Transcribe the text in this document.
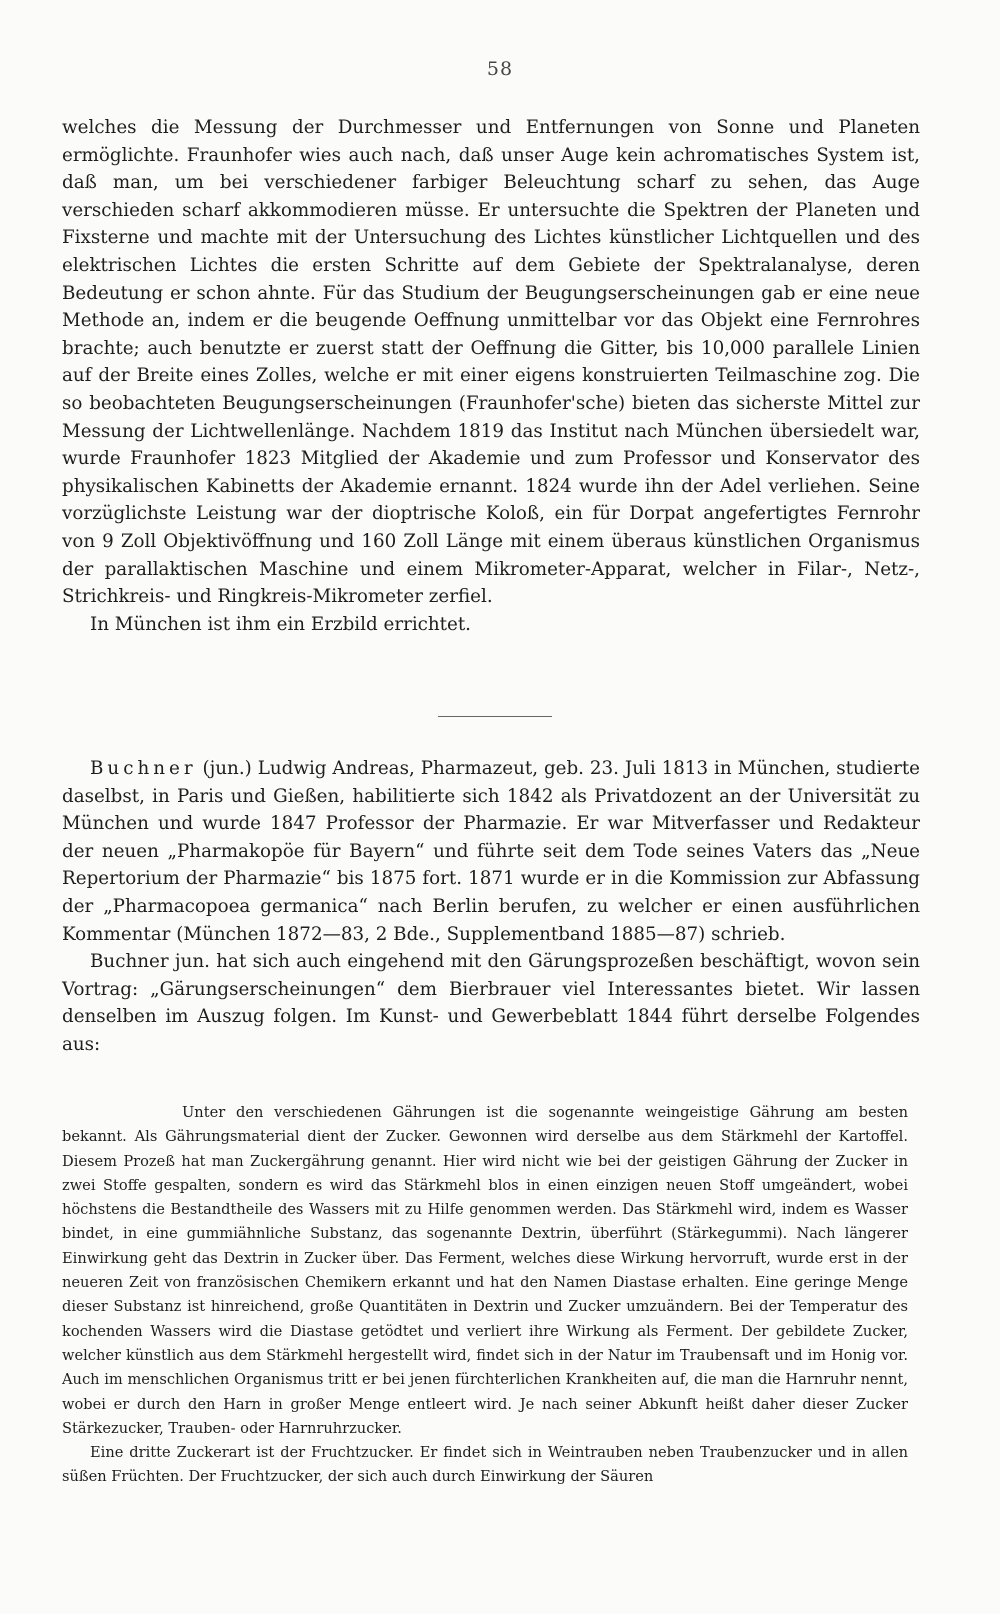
58

welches die Messung der Durchmesser und Entfernungen von Sonne und Planeten ermöglichte. Fraunhofer wies auch nach, daß unser Auge kein achromatisches System ist, daß man, um bei verschiedener farbiger Beleuchtung scharf zu sehen, das Auge verschieden scharf akkommodieren müsse. Er untersuchte die Spektren der Planeten und Fixsterne und machte mit der Untersuchung des Lichtes künstlicher Lichtquellen und des elektrischen Lichtes die ersten Schritte auf dem Gebiete der Spektralanalyse, deren Bedeutung er schon ahnte. Für das Studium der Beugungserscheinungen gab er eine neue Methode an, indem er die beugende Oeffnung unmittelbar vor das Objekt eine Fernrohres brachte; auch benutzte er zuerst statt der Oeffnung die Gitter, bis 10,000 parallele Linien auf der Breite eines Zolles, welche er mit einer eigens konstruierten Teilmaschine zog. Die so beobachteten Beugungserscheinungen (Fraunhofer'sche) bieten das sicherste Mittel zur Messung der Lichtwellenlänge. Nachdem 1819 das Institut nach München übersiedelt war, wurde Fraunhofer 1823 Mitglied der Akademie und zum Professor und Konservator des physikalischen Kabinetts der Akademie ernannt. 1824 wurde ihn der Adel verliehen. Seine vorzüglichste Leistung war der dioptrische Koloß, ein für Dorpat angefertigtes Fernrohr von 9 Zoll Objektivöffnung und 160 Zoll Länge mit einem überaus künstlichen Organismus der parallaktischen Maschine und einem Mikrometer-Apparat, welcher in Filar-, Netz-, Strichkreis- und Ringkreis-Mikrometer zerfiel.

In München ist ihm ein Erzbild errichtet.

Buchner (jun.) Ludwig Andreas, Pharmazeut, geb. 23. Juli 1813 in München, studierte daselbst, in Paris und Gießen, habilitierte sich 1842 als Privatdozent an der Universität zu München und wurde 1847 Professor der Pharmazie. Er war Mitverfasser und Redakteur der neuen „Pharmakopöe für Bayern“ und führte seit dem Tode seines Vaters das „Neue Repertorium der Pharmazie“ bis 1875 fort. 1871 wurde er in die Kommission zur Abfassung der „Pharmacopoea germanica“ nach Berlin berufen, zu welcher er einen ausführlichen Kommentar (München 1872—83, 2 Bde., Supplementband 1885—87) schrieb.

Buchner jun. hat sich auch eingehend mit den Gärungsprozeßen beschäftigt, wovon sein Vortrag: „Gärungserscheinungen“ dem Bierbrauer viel Interessantes bietet. Wir lassen denselben im Auszug folgen. Im Kunst- und Gewerbeblatt 1844 führt derselbe Folgendes aus:

Unter den verschiedenen Gährungen ist die sogenannte weingeistige Gährung am besten bekannt. Als Gährungsmaterial dient der Zucker. Gewonnen wird derselbe aus dem Stärkmehl der Kartoffel. Diesem Prozeß hat man Zuckergährung genannt. Hier wird nicht wie bei der geistigen Gährung der Zucker in zwei Stoffe gespalten, sondern es wird das Stärkmehl blos in einen einzigen neuen Stoff umgeändert, wobei höchstens die Bestandtheile des Wassers mit zu Hilfe genommen werden. Das Stärkmehl wird, indem es Wasser bindet, in eine gummiähnliche Substanz, das sogenannte Dextrin, überführt (Stärkegummi). Nach längerer Einwirkung geht das Dextrin in Zucker über. Das Ferment, welches diese Wirkung hervorruft, wurde erst in der neueren Zeit von französischen Chemikern erkannt und hat den Namen Diastase erhalten. Eine geringe Menge dieser Substanz ist hinreichend, große Quantitäten in Dextrin und Zucker umzuändern. Bei der Temperatur des kochenden Wassers wird die Diastase getödtet und verliert ihre Wirkung als Ferment. Der gebildete Zucker, welcher künstlich aus dem Stärkmehl hergestellt wird, findet sich in der Natur im Traubensaft und im Honig vor. Auch im menschlichen Organismus tritt er bei jenen fürchterlichen Krankheiten auf, die man die Harnruhr nennt, wobei er durch den Harn in großer Menge entleert wird. Je nach seiner Abkunft heißt daher dieser Zucker Stärkezucker, Trauben- oder Harnruhrzucker.

Eine dritte Zuckerart ist der Fruchtzucker. Er findet sich in Weintrauben neben Traubenzucker und in allen süßen Früchten. Der Fruchtzucker, der sich auch durch Einwirkung der Säuren
